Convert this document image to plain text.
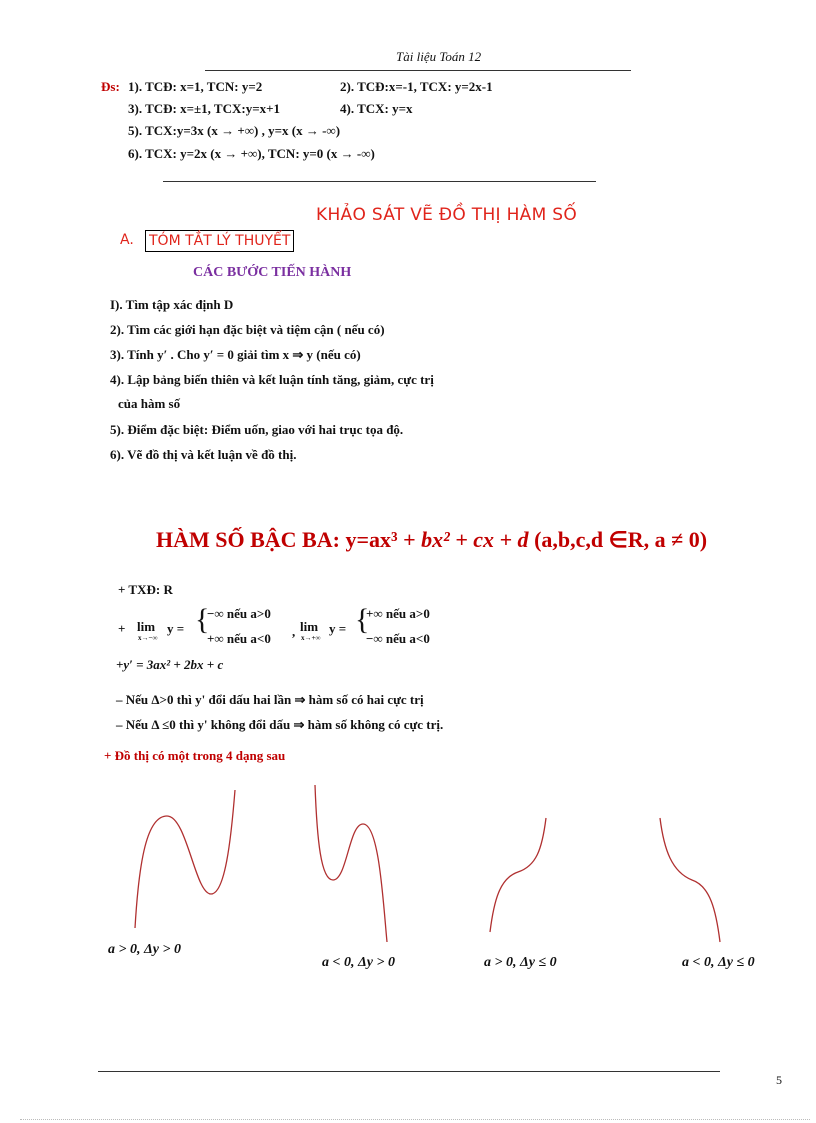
Tài liệu Toán 12
Đs: 1). TCĐ: x=1, TCN: y=2	2). TCĐ:x=-1, TCX: y=2x-1
3). TCĐ: x=±1, TCX:y=x+1	4). TCX: y=x
5). TCX:y=3x (x → +∞) , y=x (x → -∞)
6). TCX: y=2x (x → +∞), TCN: y=0 (x → -∞)
KHẢO SÁT VẼ ĐỒ THỊ HÀM SỐ
A. TÓM TẮT LÝ THUYẾT
CÁC BƯỚC TIẾN HÀNH
I). Tìm tập xác định D
2). Tìm các giới hạn đặc biệt và tiệm cận ( nếu có)
3). Tính y′ . Cho y′ = 0 giải tìm x ⇒ y (nếu có)
4). Lập bảng biến thiên và kết luận tính tăng, giảm, cực trị
của hàm số
5). Điểm đặc biệt: Điểm uốn, giao với hai trục tọa độ.
6). Vẽ đồ thị và kết luận về đồ thị.
HÀM SỐ BẬC BA: y=ax³ + bx² + cx + d (a,b,c,d ∈R, a ≠ 0)
+ TXĐ: R
+ lim
x→−∞
y = {
−∞ nếu a>0
+∞ nếu a<0 , lim
x→+∞
y = {
+∞ nếu a>0
−∞ nếu a<0
+y′ = 3ax² + 2bx + c
– Nếu Δ>0 thì y' đổi dấu hai lần ⇒ hàm số có hai cực trị
– Nếu Δ ≤0 thì y' không đổi dấu ⇒ hàm số không có cực trị.
+ Đồ thị có một trong 4 dạng sau
a > 0, Δy > 0
a < 0, Δy > 0	a > 0, Δy ≤ 0	a < 0, Δy ≤ 0
5
